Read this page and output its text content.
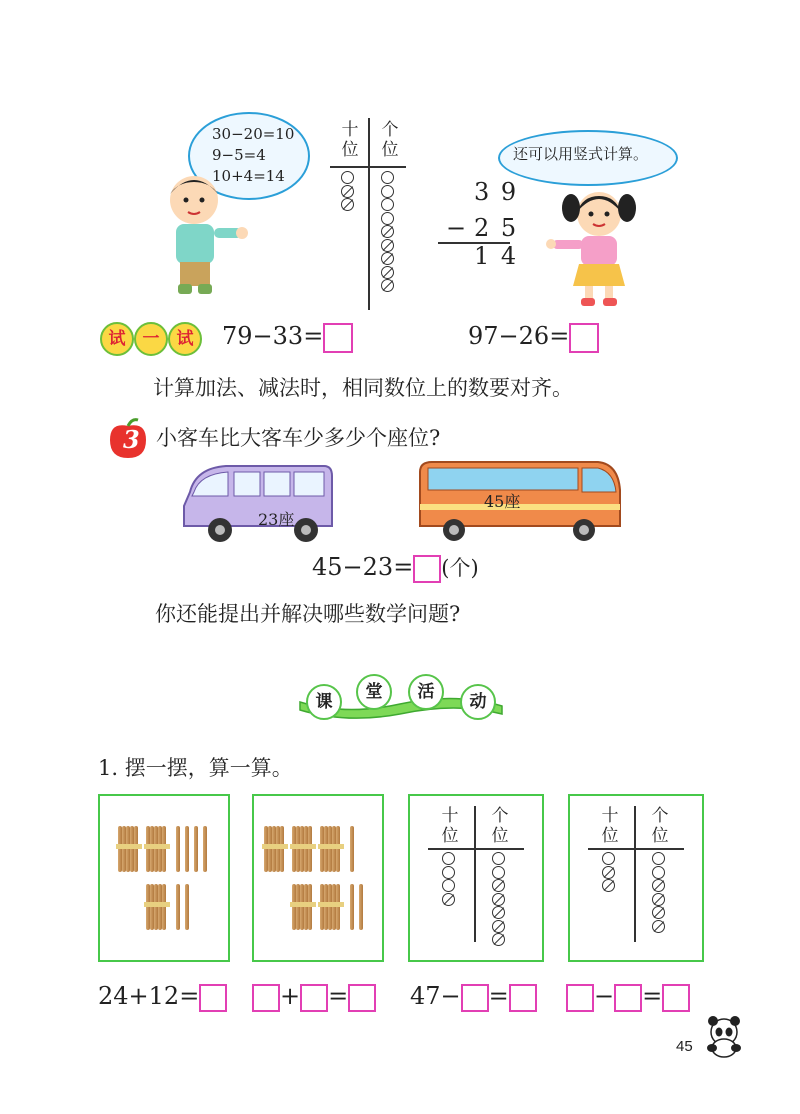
30−20=10
9−5=4
10+4=14
十
位
个
位
3 9
− 2 5
1 4
还可以用竖式计算。
试	一	试	79−33=	97−26=
计算加法、减法时，相同数位上的数要对齐。
3 小客车比大客车少多少个座位?
23座
45座
45−23= (个)
你还能提出并解决哪些数学问题?
课	堂	活	动
1. 摆一摆，算一算。
十
位
个
位
十
位
个
位
24+12=	+ =	47− =	− =
45
